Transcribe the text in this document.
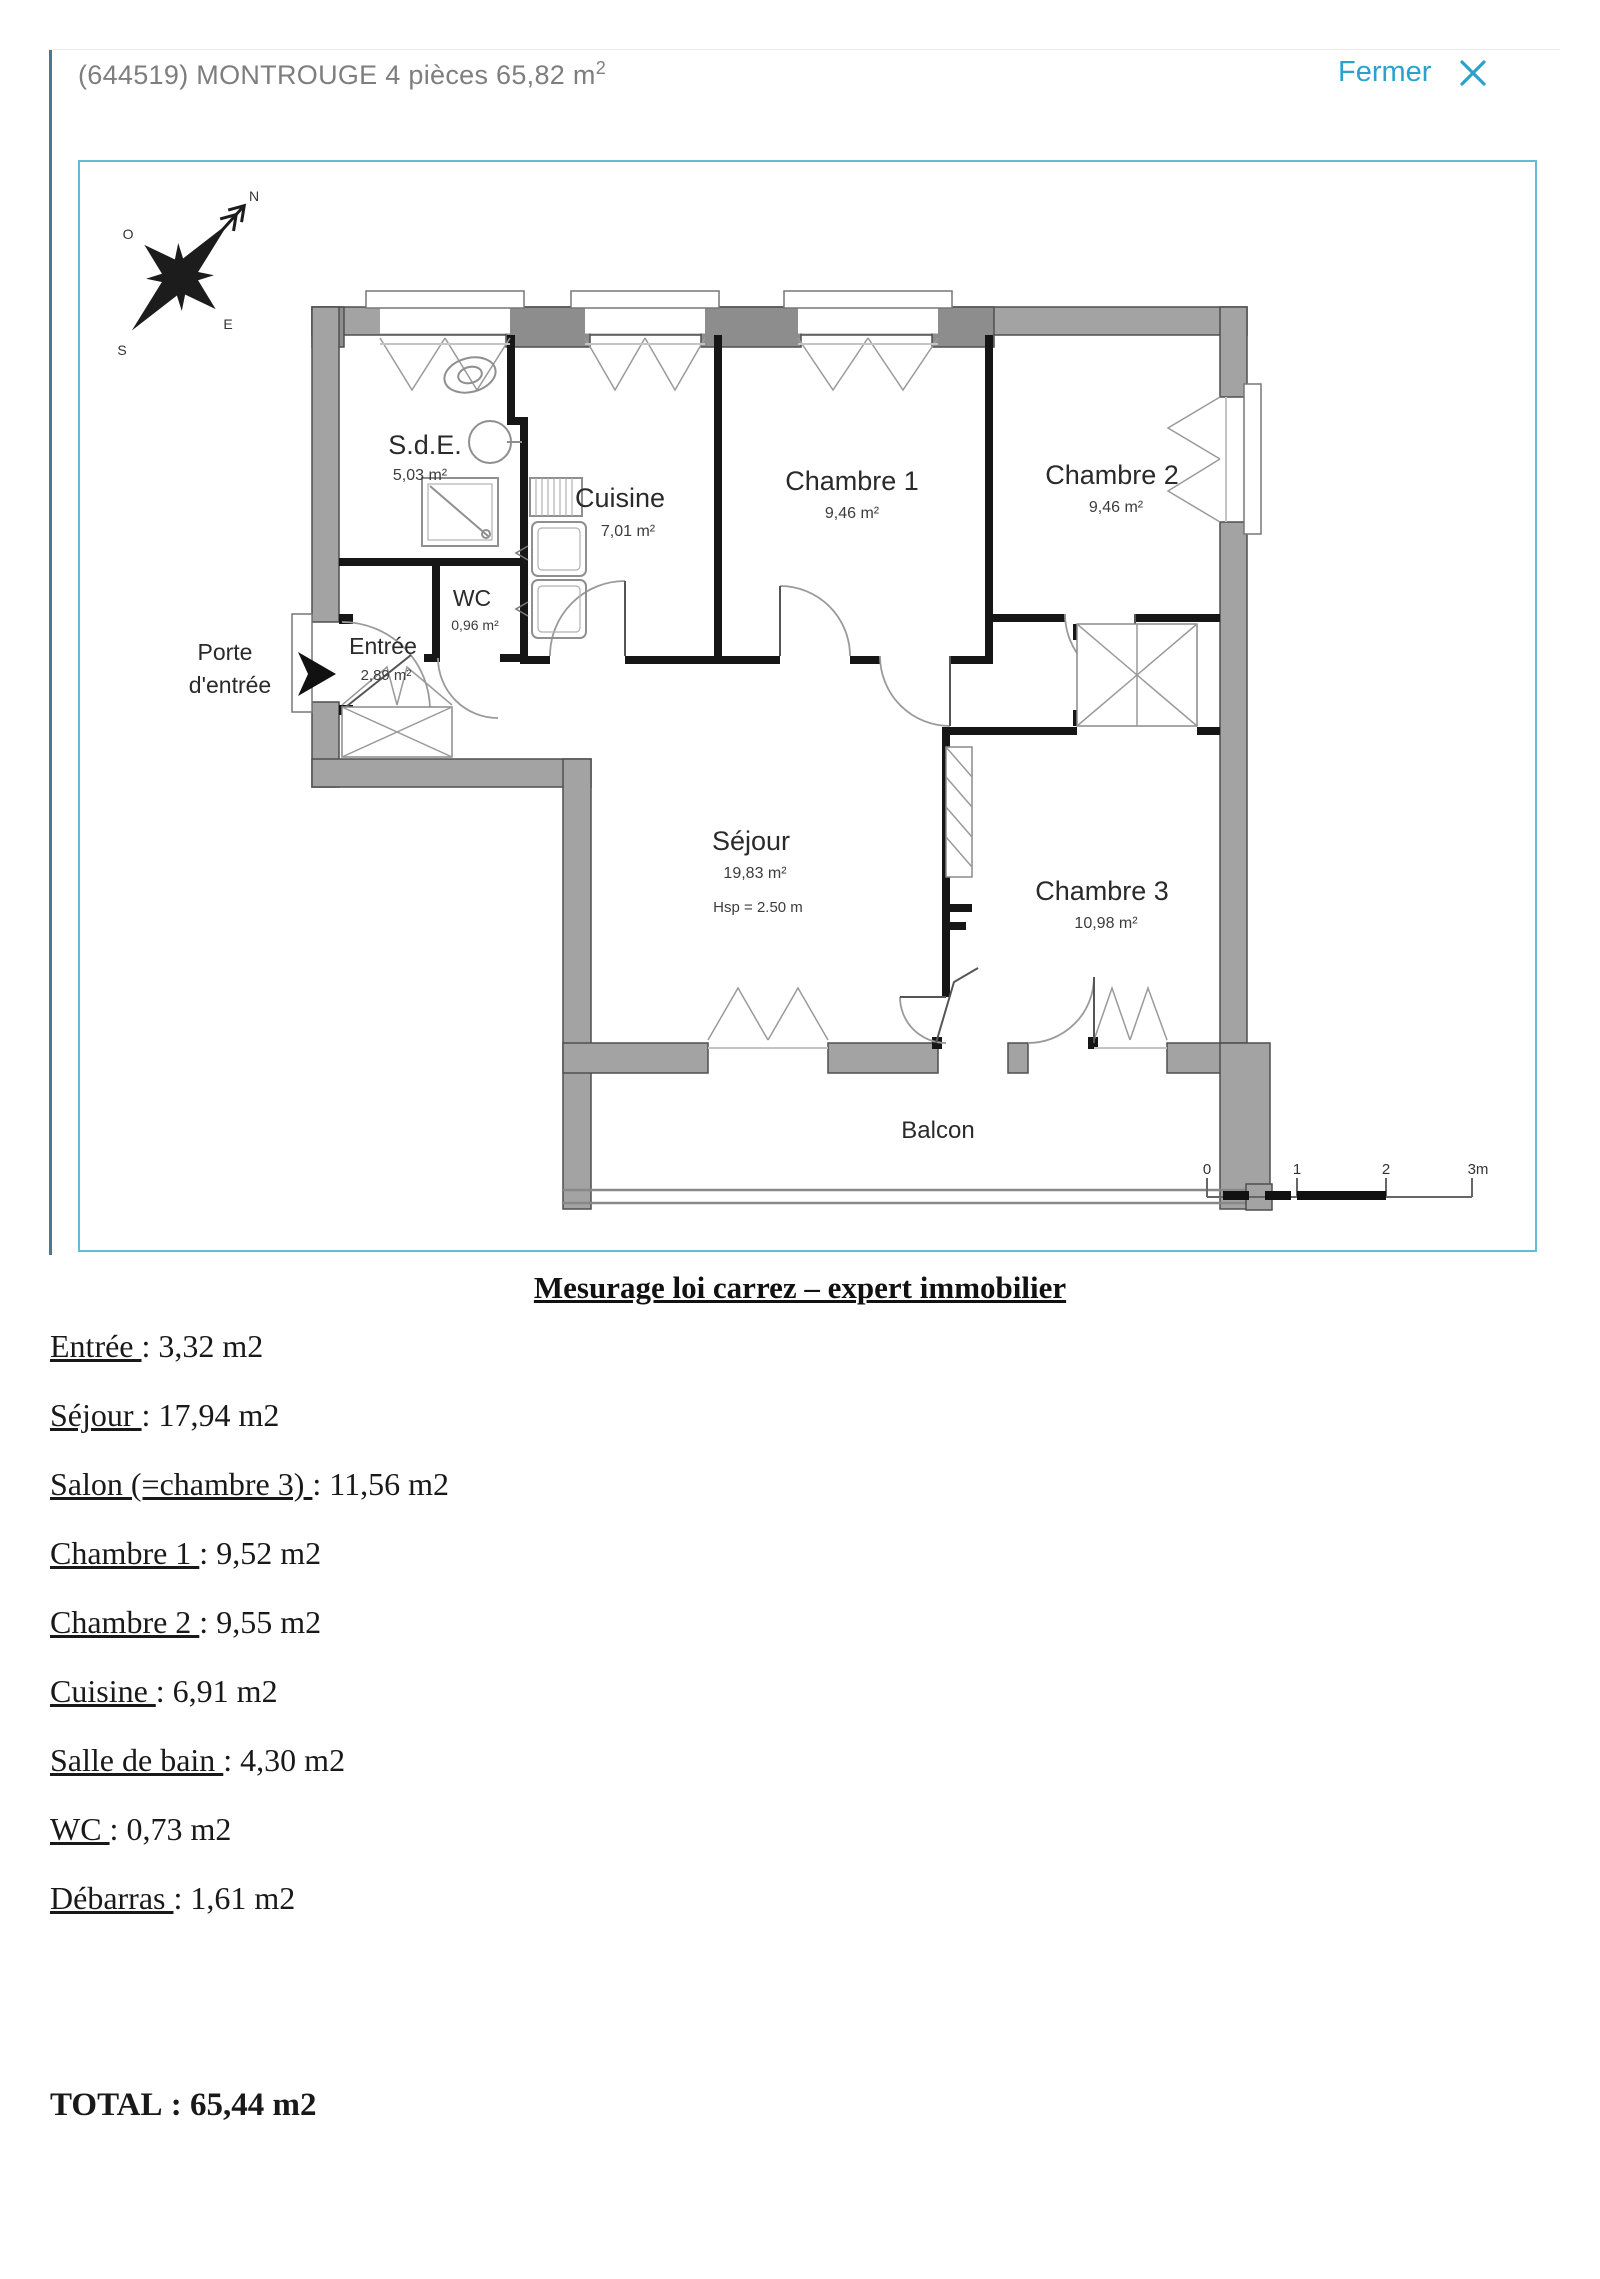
(644519) MONTROUGE 4 pièces 65,82 $m^2$	Fermer
N
O
S
E
Porte
d'entrée
S.d.E.
5,03 m²
WC
0,96 m²
Cuisine
7,01 m²
Chambre 1
9,46 m²
Chambre 2
9,46 m²
Entrée
2,89 m²
Séjour
19,83 m²
Hsp = 2.50 m
Chambre 3
10,98 m²
Balcon
0	1	2	3m
Mesurage loi carrez – expert immobilier
Entrée : 3,32 m2
Séjour : 17,94 m2
Salon (=chambre 3) : 11,56 m2
Chambre 1 : 9,52 m2
Chambre 2 : 9,55 m2
Cuisine : 6,91 m2
Salle de bain : 4,30 m2
WC : 0,73 m2
Débarras : 1,61 m2
TOTAL : 65,44 m2
